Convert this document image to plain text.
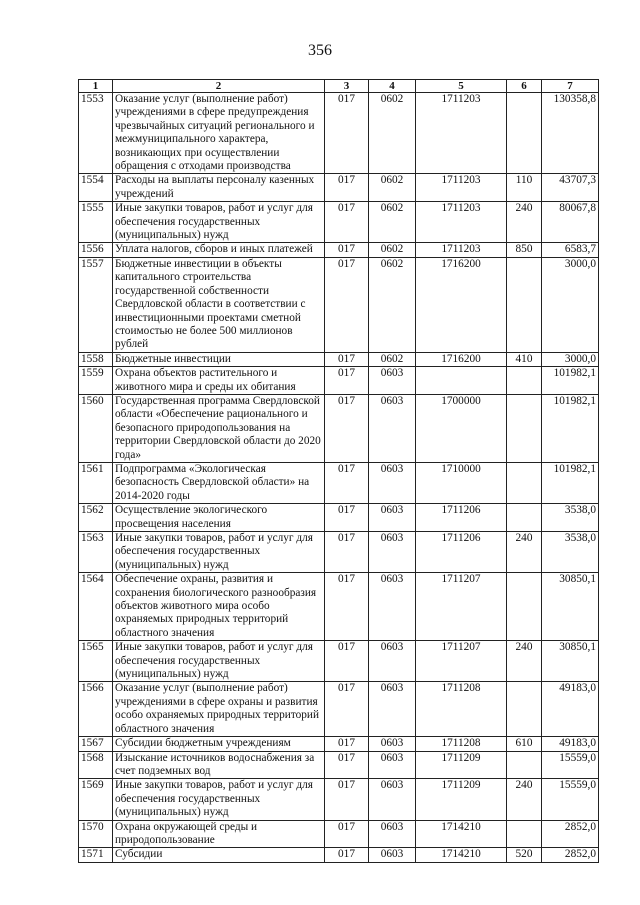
356
1	2	3	4	5	6	7
1553	Оказание услуг (выполнение работ) учреждениями в сфере предупреждения чрезвычайных ситуаций регионального и межмуниципального характера, возникающих при осуществлении обращения с отходами производства	017	0602	1711203		130358,8
1554	Расходы на выплаты персоналу казенных учреждений	017	0602	1711203	110	43707,3
1555	Иные закупки товаров, работ и услуг для обеспечения государственных (муниципальных) нужд	017	0602	1711203	240	80067,8
1556	Уплата налогов, сборов и иных платежей	017	0602	1711203	850	6583,7
1557	Бюджетные инвестиции в объекты капитального строительства государственной собственности Свердловской области в соответствии с инвестиционными проектами сметной стоимостью не более 500 миллионов рублей	017	0602	1716200		3000,0
1558	Бюджетные инвестиции	017	0602	1716200	410	3000,0
1559	Охрана объектов растительного и животного мира и среды их обитания	017	0603			101982,1
1560	Государственная программа Свердловской области «Обеспечение рационального и безопасного природопользования на территории Свердловской области до 2020 года»	017	0603	1700000		101982,1
1561	Подпрограмма «Экологическая безопасность Свердловской области» на 2014-2020 годы	017	0603	1710000		101982,1
1562	Осуществление экологического просвещения населения	017	0603	1711206		3538,0
1563	Иные закупки товаров, работ и услуг для обеспечения государственных (муниципальных) нужд	017	0603	1711206	240	3538,0
1564	Обеспечение охраны, развития и сохранения биологического разнообразия объектов животного мира особо охраняемых природных территорий областного значения	017	0603	1711207		30850,1
1565	Иные закупки товаров, работ и услуг для обеспечения государственных (муниципальных) нужд	017	0603	1711207	240	30850,1
1566	Оказание услуг (выполнение работ) учреждениями в сфере охраны и развития особо охраняемых природных территорий областного значения	017	0603	1711208		49183,0
1567	Субсидии бюджетным учреждениям	017	0603	1711208	610	49183,0
1568	Изыскание источников водоснабжения за счет подземных вод	017	0603	1711209		15559,0
1569	Иные закупки товаров, работ и услуг для обеспечения государственных (муниципальных) нужд	017	0603	1711209	240	15559,0
1570	Охрана окружающей среды и природопользование	017	0603	1714210		2852,0
1571	Субсидии	017	0603	1714210	520	2852,0
